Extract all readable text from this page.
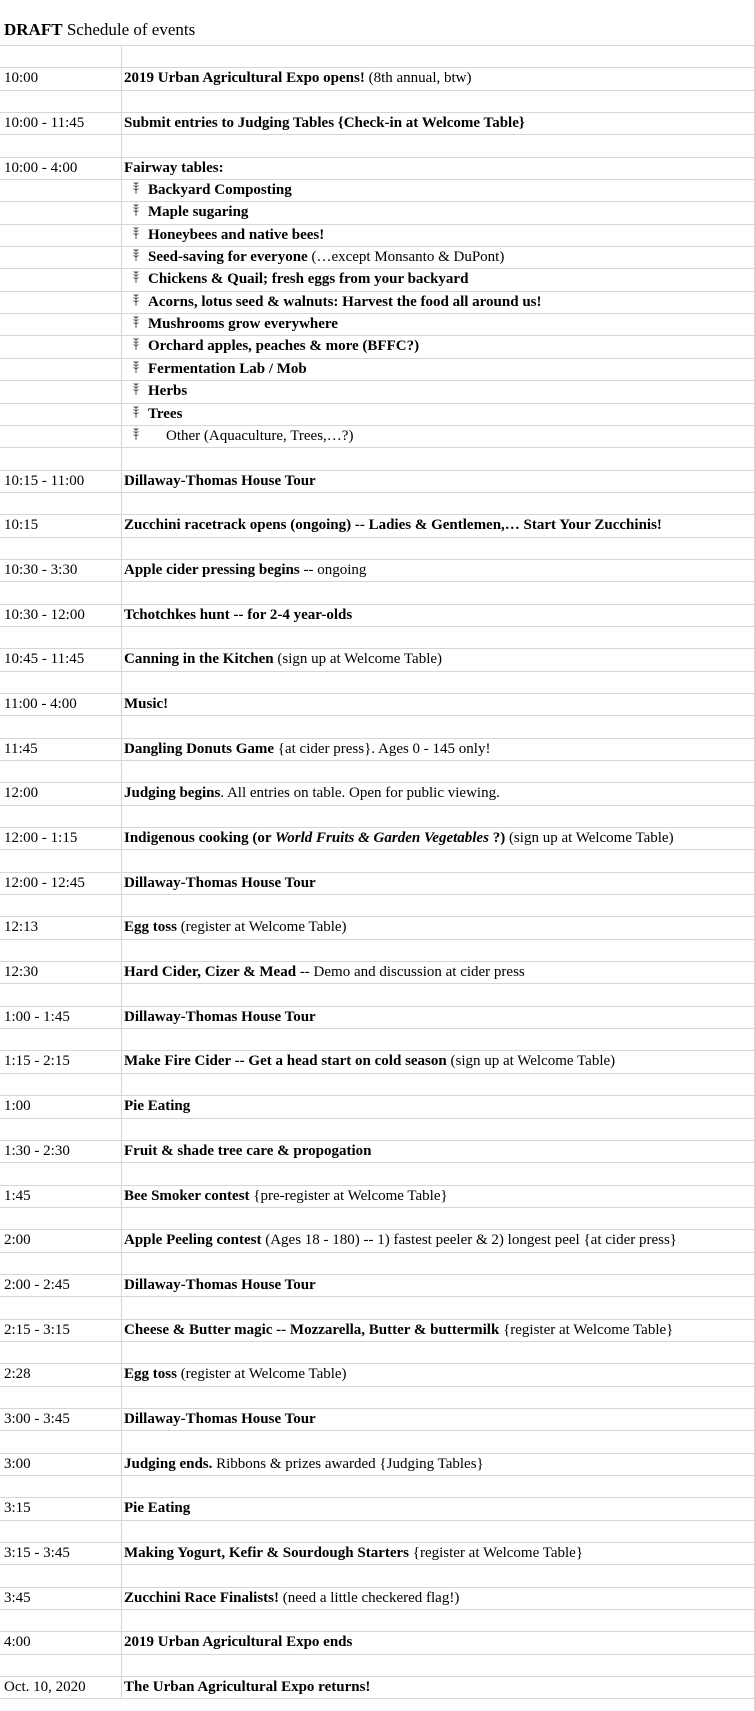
DRAFT Schedule of events
10:00	2019 Urban Agricultural Expo opens! (8th annual, btw)
10:00 - 11:45	Submit entries to Judging Tables {Check-in at Welcome Table}
10:00 - 4:00	Fairway tables:
Backyard Composting
Maple sugaring
Honeybees and native bees!
Seed-saving for everyone (…except Monsanto & DuPont)
Chickens & Quail; fresh eggs from your backyard
Acorns, lotus seed & walnuts: Harvest the food all around us!
Mushrooms grow everywhere
Orchard apples, peaches & more (BFFC?)
Fermentation Lab / Mob
Herbs
Trees
Other (Aquaculture, Trees,…?)
10:15 - 11:00	Dillaway-Thomas House Tour
10:15	Zucchini racetrack opens (ongoing) -- Ladies & Gentlemen,… Start Your Zucchinis!
10:30 - 3:30	Apple cider pressing begins -- ongoing
10:30 - 12:00	Tchotchkes hunt -- for 2-4 year-olds
10:45 - 11:45	Canning in the Kitchen (sign up at Welcome Table)
11:00 - 4:00	Music!
11:45	Dangling Donuts Game {at cider press}. Ages 0 - 145 only!
12:00	Judging begins. All entries on table. Open for public viewing.
12:00 - 1:15	Indigenous cooking (or World Fruits & Garden Vegetables ?) (sign up at Welcome Table)
12:00 - 12:45	Dillaway-Thomas House Tour
12:13	Egg toss (register at Welcome Table)
12:30	Hard Cider, Cizer & Mead -- Demo and discussion at cider press
1:00 - 1:45	Dillaway-Thomas House Tour
1:15 - 2:15	Make Fire Cider -- Get a head start on cold season (sign up at Welcome Table)
1:00	Pie Eating
1:30 - 2:30	Fruit & shade tree care & propogation
1:45	Bee Smoker contest {pre-register at Welcome Table}
2:00	Apple Peeling contest (Ages 18 - 180) -- 1) fastest peeler & 2) longest peel {at cider press}
2:00 - 2:45	Dillaway-Thomas House Tour
2:15 - 3:15	Cheese & Butter magic -- Mozzarella, Butter & buttermilk {register at Welcome Table}
2:28	Egg toss (register at Welcome Table)
3:00 - 3:45	Dillaway-Thomas House Tour
3:00	Judging ends. Ribbons & prizes awarded {Judging Tables}
3:15	Pie Eating
3:15 - 3:45	Making Yogurt, Kefir & Sourdough Starters {register at Welcome Table}
3:45	Zucchini Race Finalists! (need a little checkered flag!)
4:00	2019 Urban Agricultural Expo ends
Oct. 10, 2020	The Urban Agricultural Expo returns!
